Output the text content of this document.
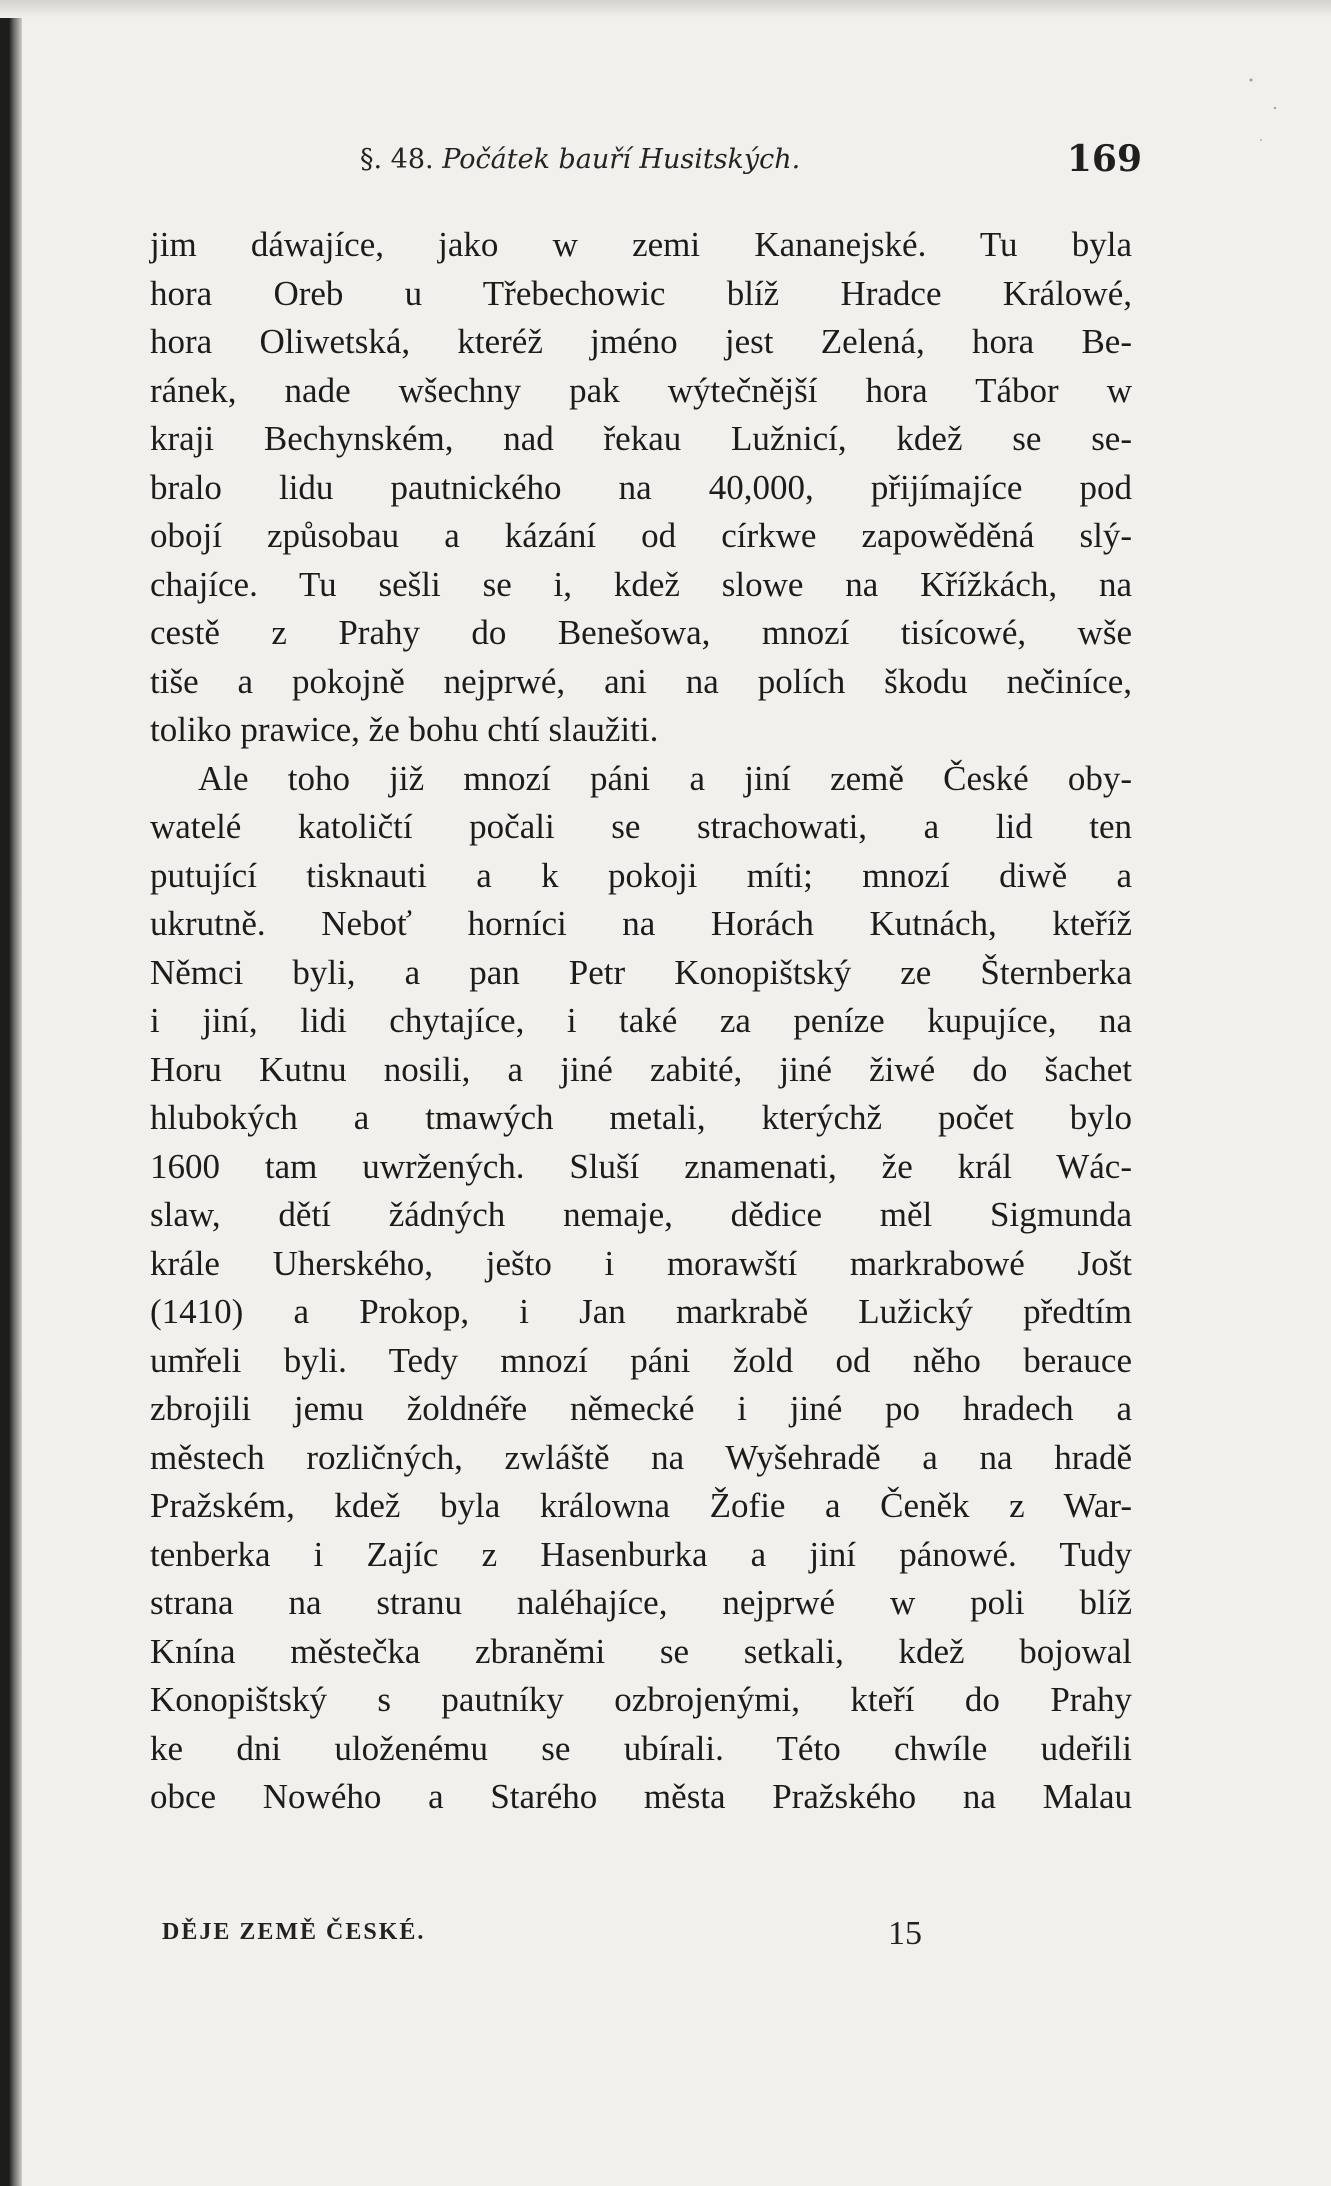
§. 48. Počátek bauří Husitských.	169
jim dáwajíce, jako w zemi Kananejské. Tu byla
hora Oreb u Třebechowic blíž Hradce Králowé,
hora Oliwetská, kteréž jméno jest Zelená, hora Be-
ránek, nade wšechny pak wýtečnější hora Tábor w
kraji Bechynském, nad řekau Lužnicí, kdež se se-
bralo lidu pautnického na 40,000, přijímajíce pod
obojí způsobau a kázání od církwe zapowěděná slý-
chajíce. Tu sešli se i, kdež slowe na Křížkách, na
cestě z Prahy do Benešowa, mnozí tisícowé, wše
tiše a pokojně nejprwé, ani na polích škodu nečiníce,
toliko prawice, že bohu chtí slaužiti.
Ale toho již mnozí páni a jiní země České oby-
watelé katoličtí počali se strachowati, a lid ten
putující tisknauti a k pokoji míti; mnozí diwě a
ukrutně. Neboť horníci na Horách Kutnách, kteříž
Němci byli, a pan Petr Konopištský ze Šternberka
i jiní, lidi chytajíce, i také za peníze kupujíce, na
Horu Kutnu nosili, a jiné zabité, jiné žiwé do šachet
hlubokých a tmawých metali, kterýchž počet bylo
1600 tam uwržených. Sluší znamenati, že král Wác-
slaw, dětí žádných nemaje, dědice měl Sigmunda
krále Uherského, ješto i morawští markrabowé Jošt
(1410) a Prokop, i Jan markrabě Lužický předtím
umřeli byli. Tedy mnozí páni žold od něho berauce
zbrojili jemu žoldnéře německé i jiné po hradech a
městech rozličných, zwláště na Wyšehradě a na hradě
Pražském, kdež byla králowna Žofie a Čeněk z War-
tenberka i Zajíc z Hasenburka a jiní pánowé. Tudy
strana na stranu naléhajíce, nejprwé w poli blíž
Knína městečka zbraněmi se setkali, kdež bojowal
Konopištský s pautníky ozbrojenými, kteří do Prahy
ke dni uloženému se ubírali. Této chwíle udeřili
obce Nowého a Starého města Pražského na Malau
DĚJE ZEMĚ ČESKÉ.	15
